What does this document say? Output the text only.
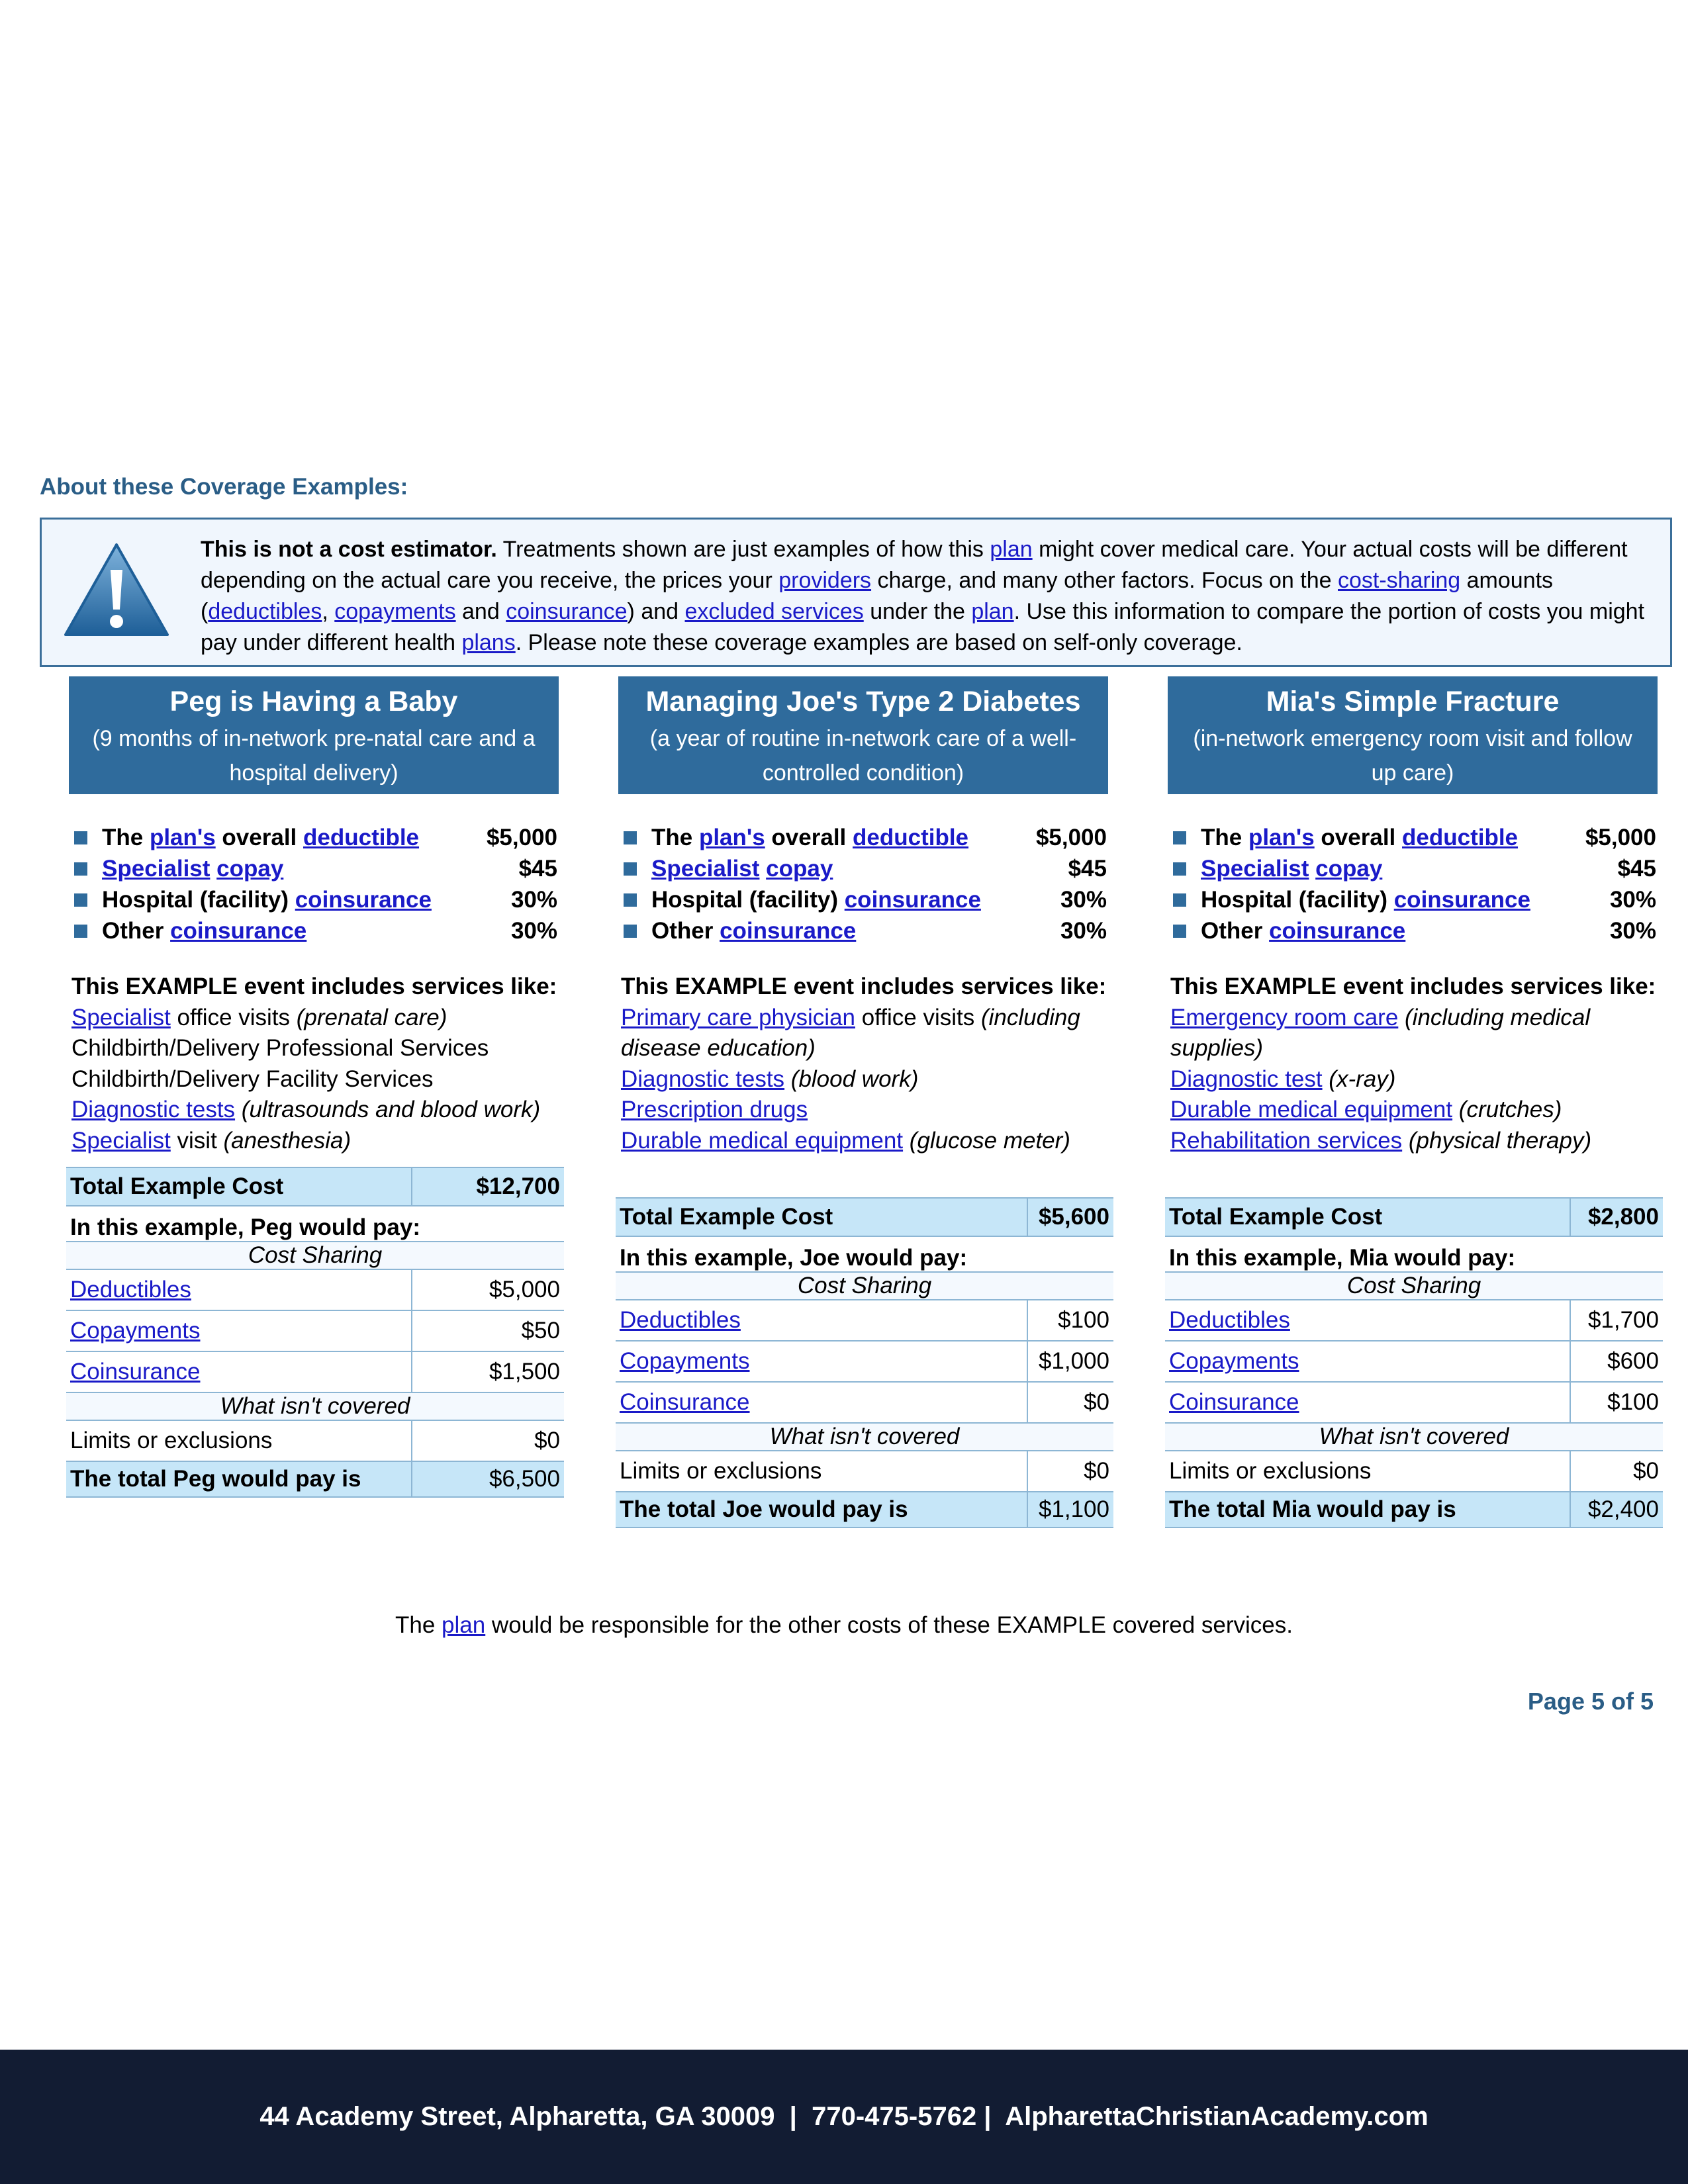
About these Coverage Examples:
This is not a cost estimator. Treatments shown are just examples of how this plan might cover medical care. Your actual costs will be different depending on the actual care you receive, the prices your providers charge, and many other factors. Focus on the cost-sharing amounts (deductibles, copayments and coinsurance) and excluded services under the plan. Use this information to compare the portion of costs you might pay under different health plans. Please note these coverage examples are based on self-only coverage.
Peg is Having a Baby
(9 months of in-network pre-natal care and a hospital delivery)
The plan's overall deductible	$5,000
Specialist copay	$45
Hospital (facility) coinsurance	30%
Other coinsurance	30%
This EXAMPLE event includes services like:
Specialist office visits (prenatal care)
Childbirth/Delivery Professional Services
Childbirth/Delivery Facility Services
Diagnostic tests (ultrasounds and blood work)
Specialist visit (anesthesia)
Total Example Cost	$12,700
In this example, Peg would pay:	
Cost Sharing	
Deductibles	$5,000
Copayments	$50
Coinsurance	$1,500
What isn't covered	
Limits or exclusions	$0
The total Peg would pay is	$6,500
Managing Joe's Type 2 Diabetes
(a year of routine in-network care of a well-controlled condition)
The plan's overall deductible	$5,000
Specialist copay	$45
Hospital (facility) coinsurance	30%
Other coinsurance	30%
This EXAMPLE event includes services like:
Primary care physician office visits (including disease education)
Diagnostic tests (blood work)
Prescription drugs
Durable medical equipment (glucose meter)
Total Example Cost	$5,600
In this example, Joe would pay:	
Cost Sharing	
Deductibles	$100
Copayments	$1,000
Coinsurance	$0
What isn't covered	
Limits or exclusions	$0
The total Joe would pay is	$1,100
Mia's Simple Fracture
(in-network emergency room visit and follow up care)
The plan's overall deductible	$5,000
Specialist copay	$45
Hospital (facility) coinsurance	30%
Other coinsurance	30%
This EXAMPLE event includes services like:
Emergency room care (including medical supplies)
Diagnostic test (x-ray)
Durable medical equipment (crutches)
Rehabilitation services (physical therapy)
Total Example Cost	$2,800
In this example, Mia would pay:	
Cost Sharing	
Deductibles	$1,700
Copayments	$600
Coinsurance	$100
What isn't covered	
Limits or exclusions	$0
The total Mia would pay is	$2,400
The plan would be responsible for the other costs of these EXAMPLE covered services.
Page 5 of 5
44 Academy Street, Alpharetta, GA 30009  |  770-475-5762 |  AlpharettaChristianAcademy.com
